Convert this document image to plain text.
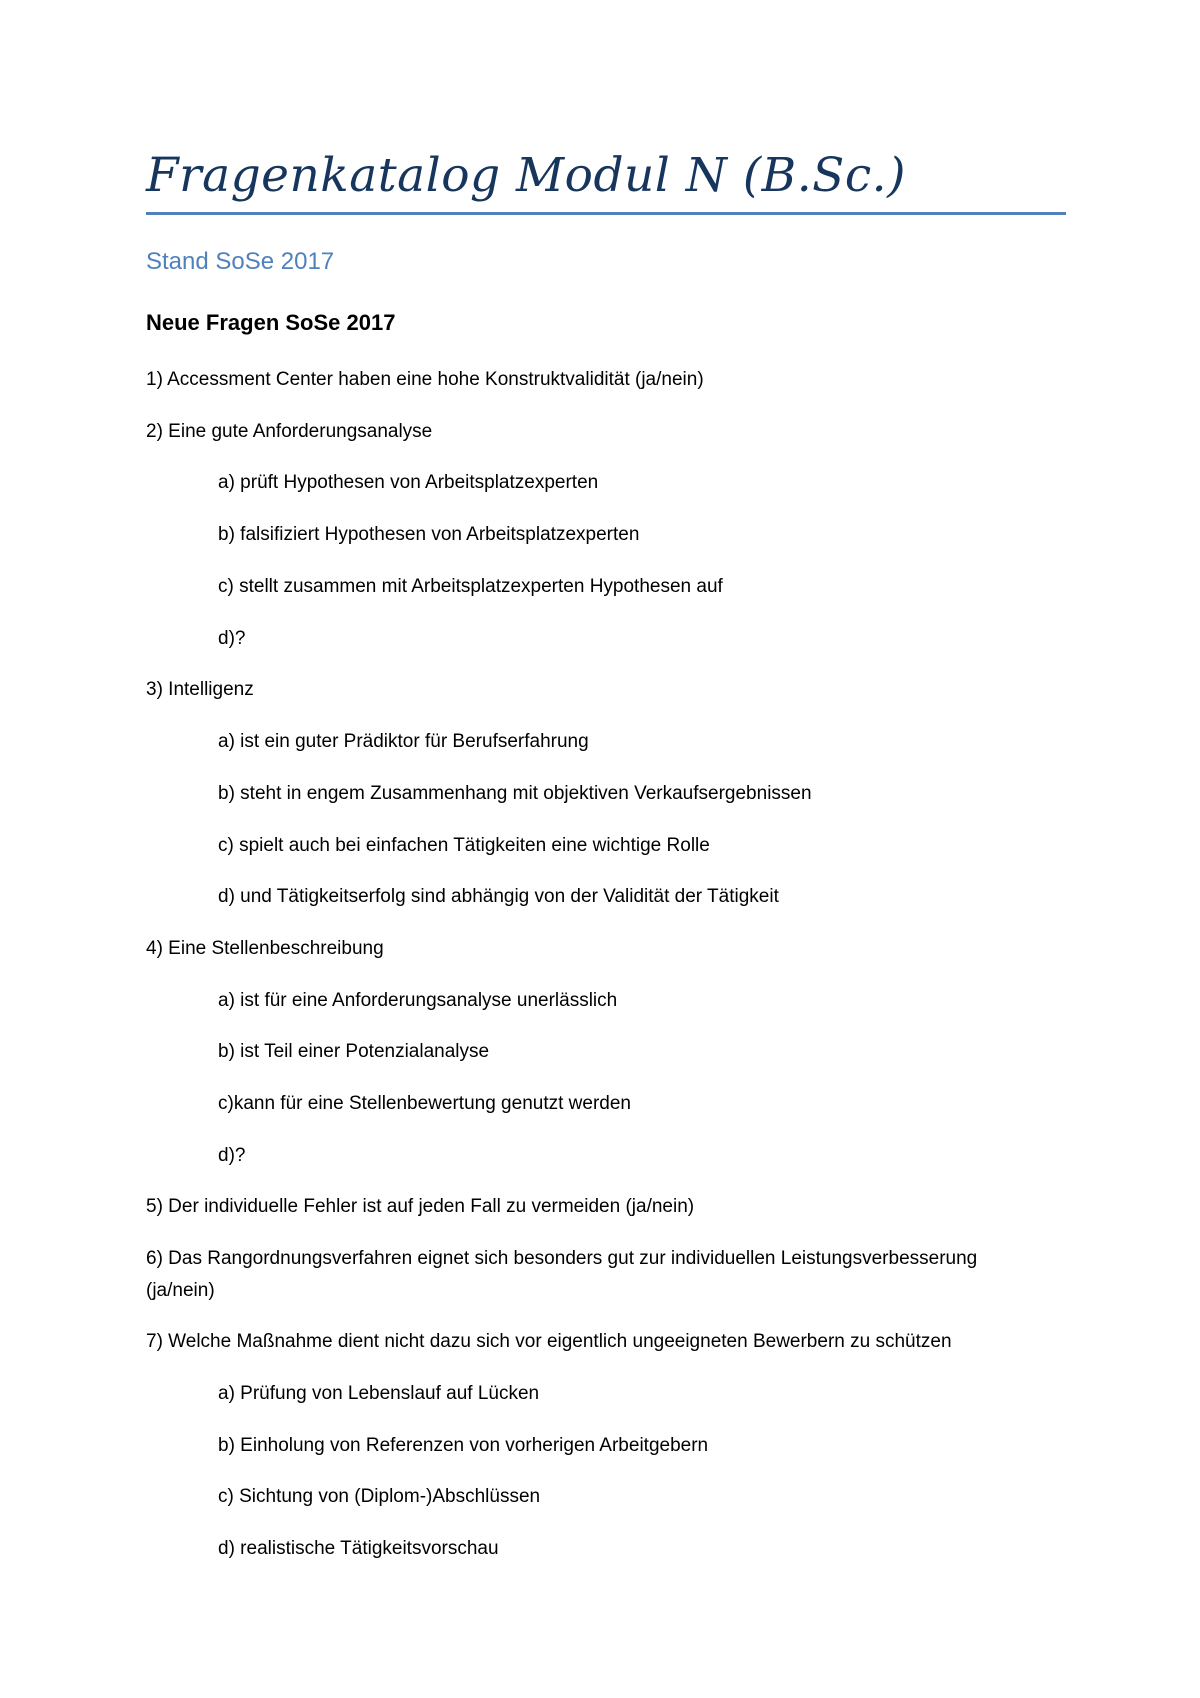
Fragenkatalog Modul N (B.Sc.)
Stand SoSe 2017
Neue Fragen SoSe 2017
1) Accessment Center haben eine hohe Konstruktvalidität (ja/nein)
2) Eine gute Anforderungsanalyse
a) prüft Hypothesen von Arbeitsplatzexperten
b) falsifiziert Hypothesen von Arbeitsplatzexperten
c) stellt zusammen mit Arbeitsplatzexperten Hypothesen auf
d)?
3) Intelligenz
a) ist ein guter Prädiktor für Berufserfahrung
b) steht in engem Zusammenhang mit objektiven Verkaufsergebnissen
c) spielt auch bei einfachen Tätigkeiten eine wichtige Rolle
d) und Tätigkeitserfolg sind abhängig von der Validität der Tätigkeit
4) Eine Stellenbeschreibung
a) ist für eine Anforderungsanalyse unerlässlich
b) ist Teil einer Potenzialanalyse
c)kann für eine Stellenbewertung genutzt werden
d)?
5) Der individuelle Fehler ist auf jeden Fall zu vermeiden (ja/nein)
6) Das Rangordnungsverfahren eignet sich besonders gut zur individuellen Leistungsverbesserung
(ja/nein)
7) Welche Maßnahme dient nicht dazu sich vor eigentlich ungeeigneten Bewerbern zu schützen
a) Prüfung von Lebenslauf auf Lücken
b) Einholung von Referenzen von vorherigen Arbeitgebern
c) Sichtung von (Diplom-)Abschlüssen
d) realistische Tätigkeitsvorschau
